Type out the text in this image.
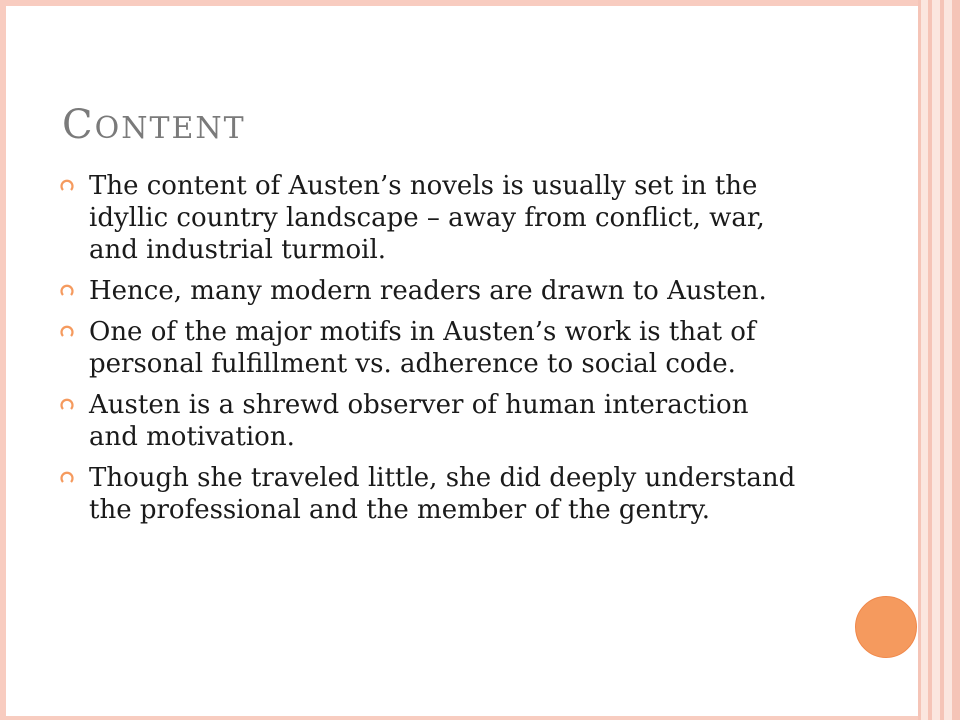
CONTENT
The content of Austen’s novels is usually set in the idyllic country landscape – away from conflict, war, and industrial turmoil.
Hence, many modern readers are drawn to Austen.
One of the major motifs in Austen’s work is that of personal fulfillment vs. adherence to social code.
Austen is a shrewd observer of human interaction and motivation.
Though she traveled little, she did deeply understand the professional and the member of the gentry.
